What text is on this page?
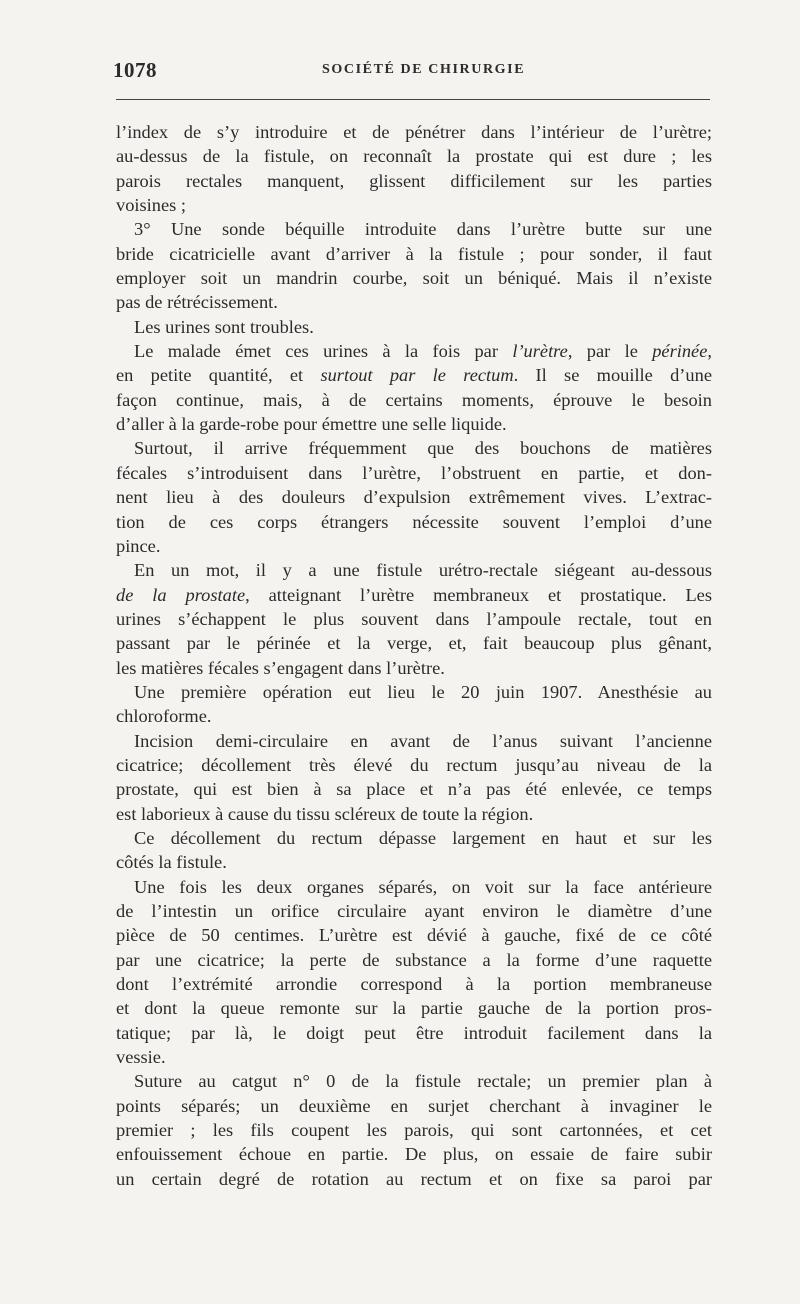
1078	SOCIÉTÉ DE CHIRURGIE
l’index de s’y introduire et de pénétrer dans l’intérieur de l’urètre;
au-dessus de la fistule, on reconnaît la prostate qui est dure ; les
parois rectales manquent, glissent difficilement sur les parties
voisines ;
3° Une sonde béquille introduite dans l’urètre butte sur une
bride cicatricielle avant d’arriver à la fistule ; pour sonder, il faut
employer soit un mandrin courbe, soit un béniqué. Mais il n’existe
pas de rétrécissement.
Les urines sont troubles.
Le malade émet ces urines à la fois par l’urètre, par le périnée,
en petite quantité, et surtout par le rectum. Il se mouille d’une
façon continue, mais, à de certains moments, éprouve le besoin
d’aller à la garde-robe pour émettre une selle liquide.
Surtout, il arrive fréquemment que des bouchons de matières
fécales s’introduisent dans l’urètre, l’obstruent en partie, et don-
nent lieu à des douleurs d’expulsion extrêmement vives. L’extrac-
tion de ces corps étrangers nécessite souvent l’emploi d’une
pince.
En un mot, il y a une fistule urétro-rectale siégeant au-dessous
de la prostate, atteignant l’urètre membraneux et prostatique. Les
urines s’échappent le plus souvent dans l’ampoule rectale, tout en
passant par le périnée et la verge, et, fait beaucoup plus gênant,
les matières fécales s’engagent dans l’urètre.
Une première opération eut lieu le 20 juin 1907. Anesthésie au
chloroforme.
Incision demi-circulaire en avant de l’anus suivant l’ancienne
cicatrice; décollement très élevé du rectum jusqu’au niveau de la
prostate, qui est bien à sa place et n’a pas été enlevée, ce temps
est laborieux à cause du tissu scléreux de toute la région.
Ce décollement du rectum dépasse largement en haut et sur les
côtés la fistule.
Une fois les deux organes séparés, on voit sur la face antérieure
de l’intestin un orifice circulaire ayant environ le diamètre d’une
pièce de 50 centimes. L’urètre est dévié à gauche, fixé de ce côté
par une cicatrice; la perte de substance a la forme d’une raquette
dont l’extrémité arrondie correspond à la portion membraneuse
et dont la queue remonte sur la partie gauche de la portion pros-
tatique; par là, le doigt peut être introduit facilement dans la
vessie.
Suture au catgut n° 0 de la fistule rectale; un premier plan à
points séparés; un deuxième en surjet cherchant à invaginer le
premier ; les fils coupent les parois, qui sont cartonnées, et cet
enfouissement échoue en partie. De plus, on essaie de faire subir
un certain degré de rotation au rectum et on fixe sa paroi par
